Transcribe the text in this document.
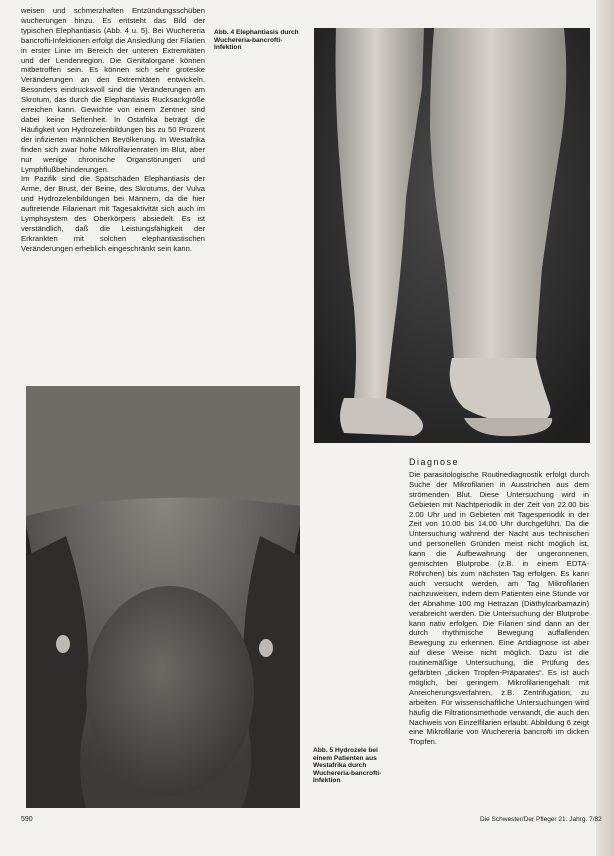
weisen und schmerzhaften Entzündungsschüben wucherungen hinzu. Es entsteht das Bild der typischen Elephantiasis (Abb. 4 u. 5). Bei Wuchereria bancrofti-Infektionen erfolgt die Ansiedlung der Filarien in erster Linie im Bereich der unteren Extremitäten und der Lendenregion. Die Genitalorgane können mitbetroffen sein. Es können sich sehr groteske Veränderungen an den Extremitäten entwickeln. Besonders eindrucksvoll sind die Veränderungen am Skrotum, das durch die Elephantiasis Rucksackgröße erreichen kann. Gewichte von einem Zentner sind dabei keine Seltenheit. In Ostafrika beträgt die Häufigkeit von Hydrozelenbildungen bis zu 50 Prozent der infizierten männlichen Bevölkerung. In Westafrika finden sich zwar hohe Mikrofilarienraten im Blut, aber nur wenige chronische Organstörungen und Lymphflußbehinderungen.

Im Pazifik sind die Spätschäden Elephantiasis der Arme, der Brust, der Beine, des Skrotums, der Vulva und Hydrozelenbildungen bei Männern, da die hier auftretende Filarienart mit Tagesaktivität sich auch im Lymphsystem des Oberkörpers absiedelt. Es ist verständlich, daß die Leistungsfähigkeit der Erkrankten mit solchen elephantiastischen Veränderungen erheblich eingeschränkt sein kann.

Abb. 4 Elephantiasis durch Wuchereria-bancrofti-Infektion
Abb. 5 Hydrozele bei einem Patienten aus Westafrika durch Wuchereria-bancrofti-Infektion

Diagnose

Die parasitologische Routinediagnostik erfolgt durch Suche der Mikrofilarien in Ausstrichen aus dem strömenden Blut. Diese Untersuchung wird in Gebieten mit Nachtperiodik in der Zeit von 22.00 bis 2.00 Uhr und in Gebieten mit Tagesperiodik in der Zeit von 10.00 bis 14.00 Uhr durchgeführt. Da die Untersuchung während der Nacht aus technischen und personellen Gründen meist nicht möglich ist, kann die Aufbewahrung der ungeronnenen, gemischten Blutprobe (z.B. in einem EDTA-Röhrchen) bis zum nächsten Tag erfolgen. Es kann auch versucht werden, am Tag Mikrofilarien nachzuweisen, indem dem Patienten eine Stunde vor der Abnahme 100 mg Hetrazan (Diäthylcarbamazin) verabreicht werden. Die Untersuchung der Blutprobe kann nativ erfolgen. Die Filarien sind dann an der durch rhythmische Bewegung auffallenden Bewegung zu erkennen. Eine Artdiagnose ist aber auf diese Weise nicht möglich. Dazu ist die routinemäßige Untersuchung, die Prüfung des gefärbten „dicken Tropfen-Präparates“. Es ist auch möglich, bei geringem Mikrofilariengehalt mit Anreicherungsverfahren, z.B. Zentrifugation, zu arbeiten. Für wissenschaftliche Untersuchungen wird häufig die Filtrationsmethode verwandt, die auch den Nachweis von Einzelfilarien erlaubt. Abbildung 6 zeigt eine Mikrofilarie von Wuchereria bancrofti im dicken Tropfen.

590	Die Schwester/Der Pfleger 21. Jahrg. 7/82
